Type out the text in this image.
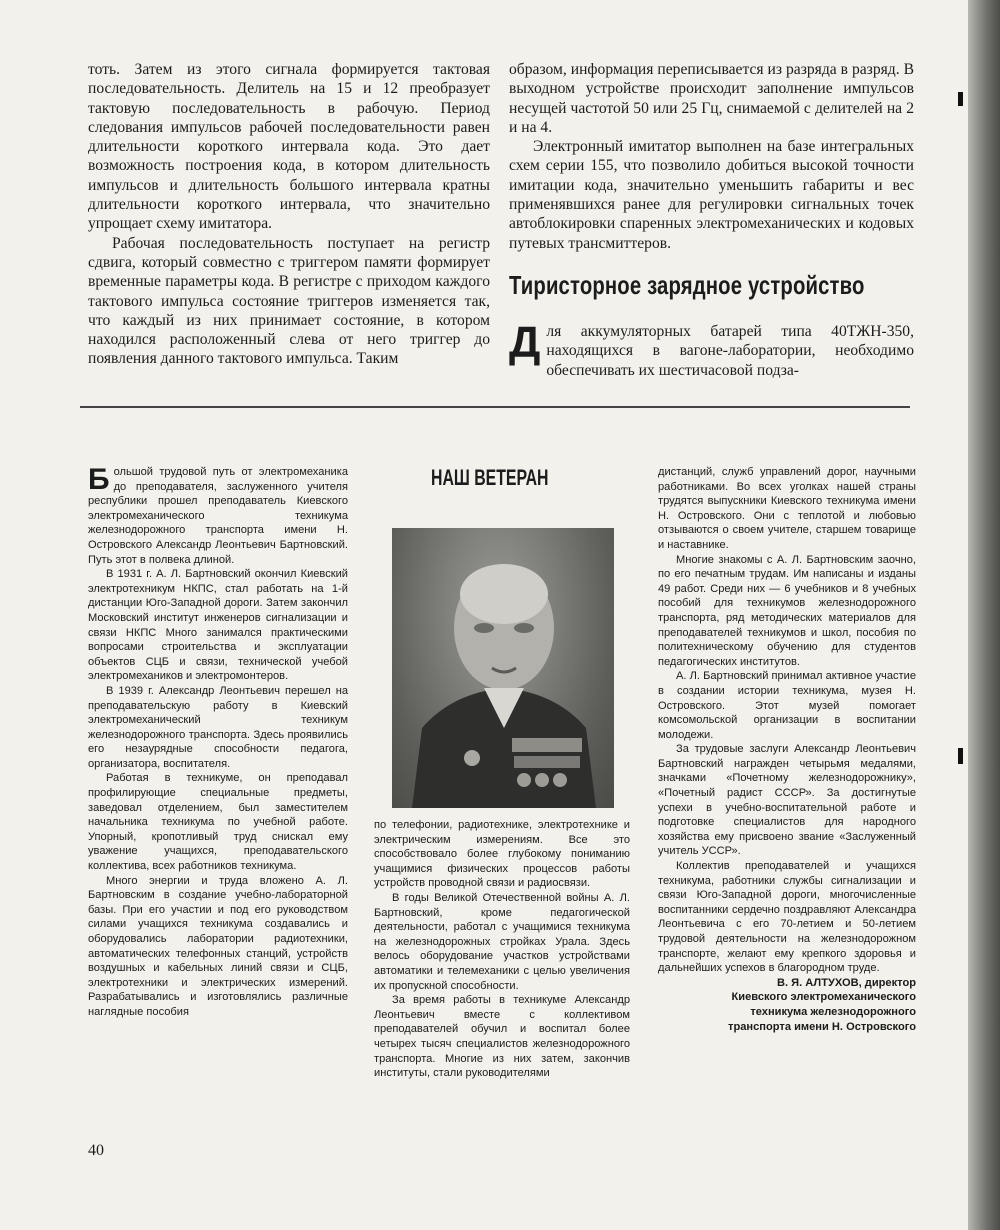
тоть. Затем из этого сигнала формируется тактовая последовательность. Делитель на 15 и 12 преобразует тактовую последовательность в рабочую. Период следования импульсов рабочей последовательности равен длительности короткого интервала кода. Это дает возможность построения кода, в котором длительность импульсов и длительность большого интервала кратны длительности короткого интервала, что значительно упрощает схему имитатора.

Рабочая последовательность поступает на регистр сдвига, который совместно с триггером памяти формирует временные параметры кода. В регистре с приходом каждого тактового импульса состояние триггеров изменяется так, что каждый из них принимает состояние, в котором находился расположенный слева от него триггер до появления данного тактового импульса. Таким

образом, информация переписывается из разряда в разряд. В выходном устройстве происходит заполнение импульсов несущей частотой 50 или 25 Гц, снимаемой с делителей на 2 и на 4.

Электронный имитатор выполнен на базе интегральных схем серии 155, что позволило добиться высокой точности имитации кода, значительно уменьшить габариты и вес применявшихся ранее для регулировки сигнальных точек автоблокировки спаренных электромеханических и кодовых путевых трансмиттеров.

Тиристорное зарядное устройство
Д ля аккумуляторных батарей типа 40ТЖН-350, находящихся в вагоне-лаборатории, необходимо обеспечивать их шестичасовой подза-

Большой трудовой путь от электромеханика до преподавателя, заслуженного учителя республики прошел преподаватель Киевского электромеханического техникума железнодорожного транспорта имени Н. Островского Александр Леонтьевич Бартновский. Путь этот в полвека длиной.

В 1931 г. А. Л. Бартновский окончил Киевский электротехникум НКПС, стал работать на 1-й дистанции Юго-Западной дороги. Затем закончил Московский институт инженеров сигнализации и связи НКПС Много занимался практическими вопросами строительства и эксплуатации объектов СЦБ и связи, технической учебой электромехаников и электромонтеров.

В 1939 г. Александр Леонтьевич перешел на преподавательскую работу в Киевский электромеханический техникум железнодорожного транспорта. Здесь проявились его незаурядные способности педагога, организатора, воспитателя.

Работая в техникуме, он преподавал профилирующие специальные предметы, заведовал отделением, был заместителем начальника техникума по учебной работе. Упорный, кропотливый труд снискал ему уважение учащихся, преподавательского коллектива, всех работников техникума.

Много энергии и труда вложено А. Л. Бартновским в создание учебно-лабораторной базы. При его участии и под его руководством силами учащихся техникума создавались и оборудовались лаборатории радиотехники, автоматических телефонных станций, устройств воздушных и кабельных линий связи и СЦБ, электротехники и электрических измерений. Разрабатывались и изготовлялись различные наглядные пособия

НАШ ВЕТЕРАН

по телефонии, радиотехнике, электротехнике и электрическим измерениям. Все это способствовало более глубокому пониманию учащимися физических процессов работы устройств проводной связи и радиосвязи.

В годы Великой Отечественной войны А. Л. Бартновский, кроме педагогической деятельности, работал с учащимися техникума на железнодорожных стройках Урала. Здесь велось оборудование участков устройствами автоматики и телемеханики с целью увеличения их пропускной способности.

За время работы в техникуме Александр Леонтьевич вместе с коллективом преподавателей обучил и воспитал более четырех тысяч специалистов железнодорожного транспорта. Многие из них затем, закончив институты, стали руководителями

дистанций, служб управлений дорог, научными работниками. Во всех уголках нашей страны трудятся выпускники Киевского техникума имени Н. Островского. Они с теплотой и любовью отзываются о своем учителе, старшем товарище и наставнике.

Многие знакомы с А. Л. Бартновским заочно, по его печатным трудам. Им написаны и изданы 49 работ. Среди них — 6 учебников и 8 учебных пособий для техникумов железнодорожного транспорта, ряд методических материалов для преподавателей техникумов и школ, пособия по политехническому обучению для студентов педагогических институтов.

А. Л. Бартновский принимал активное участие в создании истории техникума, музея Н. Островского. Этот музей помогает комсомольской организации в воспитании молодежи.

За трудовые заслуги Александр Леонтьевич Бартновский награжден четырьмя медалями, значками «Почетному железнодорожнику», «Почетный радист СССР». За достигнутые успехи в учебно-воспитательной работе и подготовке специалистов для народного хозяйства ему присвоено звание «Заслуженный учитель УССР».

Коллектив преподавателей и учащихся техникума, работники службы сигнализации и связи Юго-Западной дороги, многочисленные воспитанники сердечно поздравляют Александра Леонтьевича с его 70-летием и 50-летием трудовой деятельности на железнодорожном транспорте, желают ему крепкого здоровья и дальнейших успехов в благородном труде.

В. Я. АЛТУХОВ, директор

Киевского электромеханического

техникума железнодорожного

транспорта имени Н. Островского

40
